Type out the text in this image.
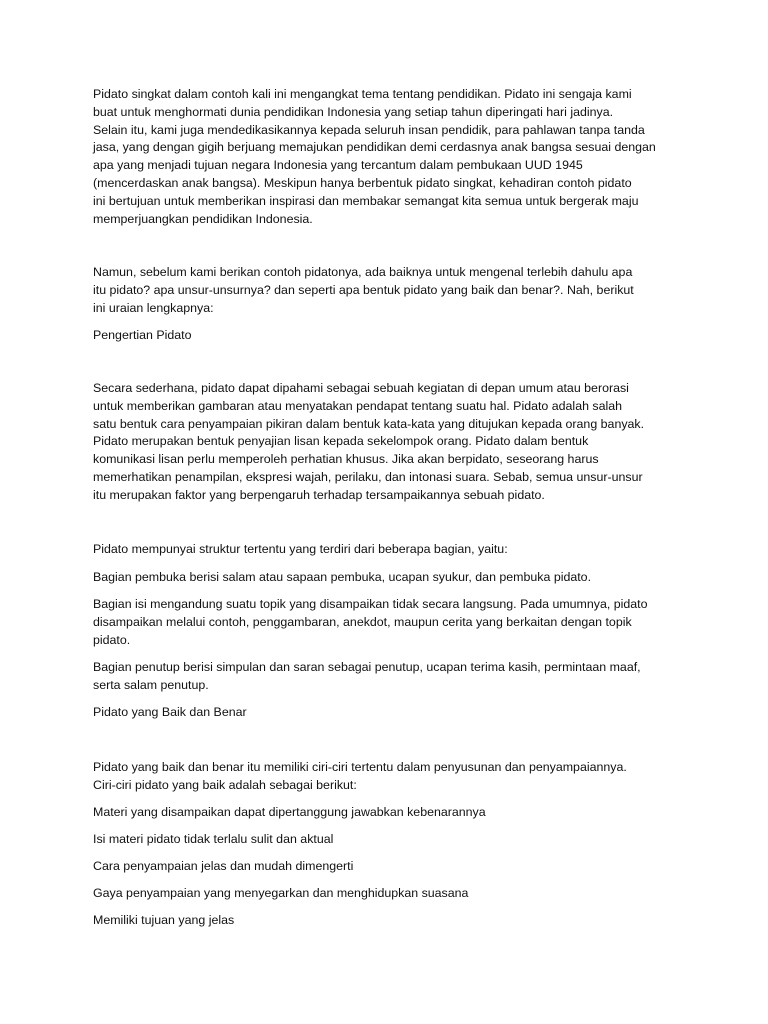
Pidato singkat dalam contoh kali ini mengangkat tema tentang pendidikan. Pidato ini sengaja kami
buat untuk menghormati dunia pendidikan Indonesia yang setiap tahun diperingati hari jadinya.
Selain itu, kami juga mendedikasikannya kepada seluruh insan pendidik, para pahlawan tanpa tanda
jasa, yang dengan gigih berjuang memajukan pendidikan demi cerdasnya anak bangsa sesuai dengan
apa yang menjadi tujuan negara Indonesia yang tercantum dalam pembukaan UUD 1945
(mencerdaskan anak bangsa). Meskipun hanya berbentuk pidato singkat, kehadiran contoh pidato
ini bertujuan untuk memberikan inspirasi dan membakar semangat kita semua untuk bergerak maju
memperjuangkan pendidikan Indonesia.

Namun, sebelum kami berikan contoh pidatonya, ada baiknya untuk mengenal terlebih dahulu apa
itu pidato? apa unsur-unsurnya? dan seperti apa bentuk pidato yang baik dan benar?. Nah, berikut
ini uraian lengkapnya:

Pengertian Pidato

Secara sederhana, pidato dapat dipahami sebagai sebuah kegiatan di depan umum atau berorasi
untuk memberikan gambaran atau menyatakan pendapat tentang suatu hal. Pidato adalah salah
satu bentuk cara penyampaian pikiran dalam bentuk kata-kata yang ditujukan kepada orang banyak.
Pidato merupakan bentuk penyajian lisan kepada sekelompok orang. Pidato dalam bentuk
komunikasi lisan perlu memperoleh perhatian khusus. Jika akan berpidato, seseorang harus
memerhatikan penampilan, ekspresi wajah, perilaku, dan intonasi suara. Sebab, semua unsur-unsur
itu merupakan faktor yang berpengaruh terhadap tersampaikannya sebuah pidato.

Pidato mempunyai struktur tertentu yang terdiri dari beberapa bagian, yaitu:

Bagian pembuka berisi salam atau sapaan pembuka, ucapan syukur, dan pembuka pidato.

Bagian isi mengandung suatu topik yang disampaikan tidak secara langsung. Pada umumnya, pidato
disampaikan melalui contoh, penggambaran, anekdot, maupun cerita yang berkaitan dengan topik
pidato.

Bagian penutup berisi simpulan dan saran sebagai penutup, ucapan terima kasih, permintaan maaf,
serta salam penutup.

Pidato yang Baik dan Benar

Pidato yang baik dan benar itu memiliki ciri-ciri tertentu dalam penyusunan dan penyampaiannya.
Ciri-ciri pidato yang baik adalah sebagai berikut:

Materi yang disampaikan dapat dipertanggung jawabkan kebenarannya

Isi materi pidato tidak terlalu sulit dan aktual

Cara penyampaian jelas dan mudah dimengerti

Gaya penyampaian yang menyegarkan dan menghidupkan suasana

Memiliki tujuan yang jelas
